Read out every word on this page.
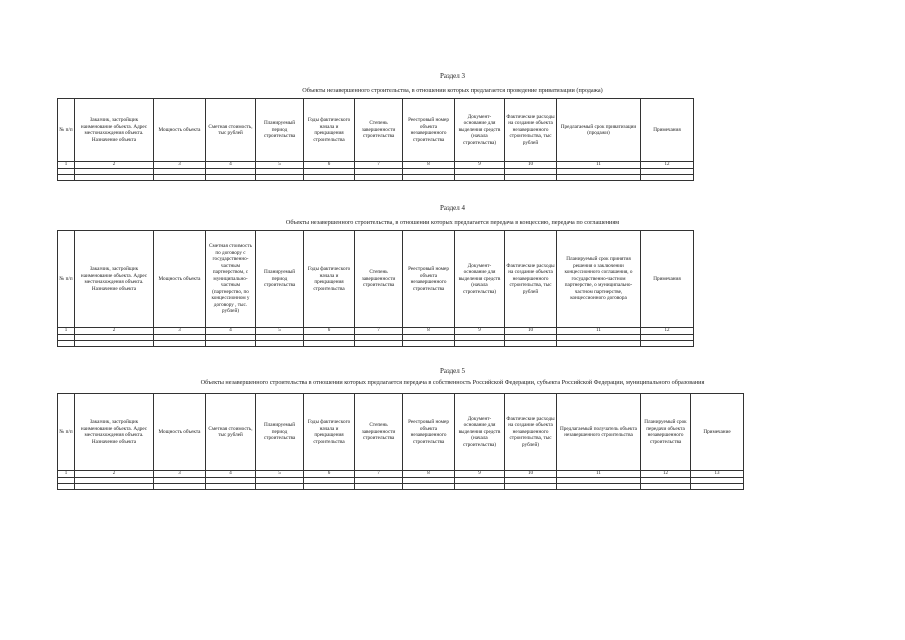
Раздел 3
Объекты незавершенного строительства, в отношении которых предлагается проведение приватизации (продажа)
№ п/п	Заказчик, застройщик наименование объекта. Адрес местонахождения объекта. Назначение объекта	Мощность объекта	Сметная стоимость, тыс рублей	Планируемый период строительства	Годы фактического начала и прекращения строительства	Степень завершенности строительства	Реестровый номер объекта незавершенного строительства	Документ- основание для выделения средств (начала строительства)	Фактические расходы на создание объекта незавершенного строительства, тыс рублей	Предлагаемый срок приватизации (продажи)	Примечания
1	2	3	4	5	6	7	8	9	10	11	12

Раздел 4
Объекты незавершенного строительства, в отношении которых предлагается передача в концессию, передача по соглашениям
№ п/п	Заказчик, застройщик наименование объекта. Адрес местонахождения объекта. Назначение объекта	Мощность объекта	Сметная стоимость по договору с государственно- частным партнерством, с муниципально- частным (партнерство, по концессионном у договору , тыс. рублей)	Планируемый период строительства	Годы фактического начала и прекращения строительства	Степень завершенности строительства	Реестровый номер объекта незавершенного строительства	Документ- основание для выделения средств (начала строительства)	Фактические расходы на создание объекта незавершенного строительства, тыс рублей	Планируемый срок принятия решения о заключении концессионного соглашения, о государственно-частном партнерстве, о муниципально-частном партнерстве, концессионного договора	Примечания
1	2	3	4	5	6	7	8	9	10	11	12

Раздел 5
Объекты незавершенного строительства в отношении которых предлагается передача в собственность Российской Федерации, субъекта Российской Федерации, муниципального образования
№ п/п	Заказчик, застройщик наименование объекта. Адрес местонахождения объекта. Назначение объекта	Мощность объекта	Сметная стоимость, тыс рублей	Планируемый период строительства	Годы фактического начала и прекращения строительства	Степень завершенности строительства	Реестровый номер объекта незавершенного строительства	Документ- основание для выделения средств (начала строительства)	Фактические расходы на создание объекта незавершенного строительства, тыс рублей)	Предлагаемый получатель объекта незавершенного строительства	Планируемый срок передачи объекта незавершенного строительства	Примечание
1	2	3	4	5	6	7	8	9	10	11	12	13
